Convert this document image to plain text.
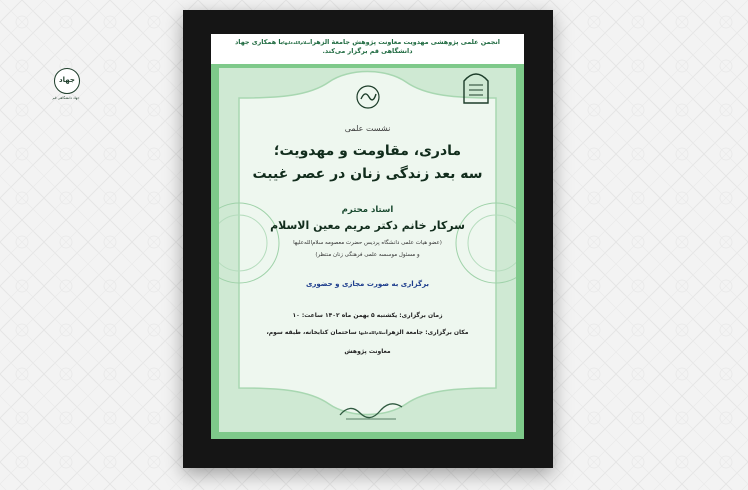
انجمن علمی پژوهشی مهدویت معاونت پژوهش جامعة الزهراسلام‌الله‌علیهابا همکاری جهاد
دانشگاهی قم برگزار می‌کند.
جهاد
جهاد دانشگاهی قم
نشست علمی
مادری، مقاومت و مهدویت؛
سه بعد زندگی زنان در عصر غیبت
استاد محترم
سرکار خانم دکتر مریم معین الاسلام
(عضو هیات علمی دانشگاه پردیس حضرت معصومه سلام‌الله‌علیها
و مسئول موسسه علمی فرهنگی زنان منتظر)
برگزاری به صورت مجازی و حضوری
زمان برگزاری: یکشنبه ۵ بهمن ماه ۱۴۰۲ ساعت: ۱۰
مکان برگزاری: جامعة الزهراسلام‌الله‌علیها ساختمان کتابخانه، طبقه سوم،
معاونت پژوهش
